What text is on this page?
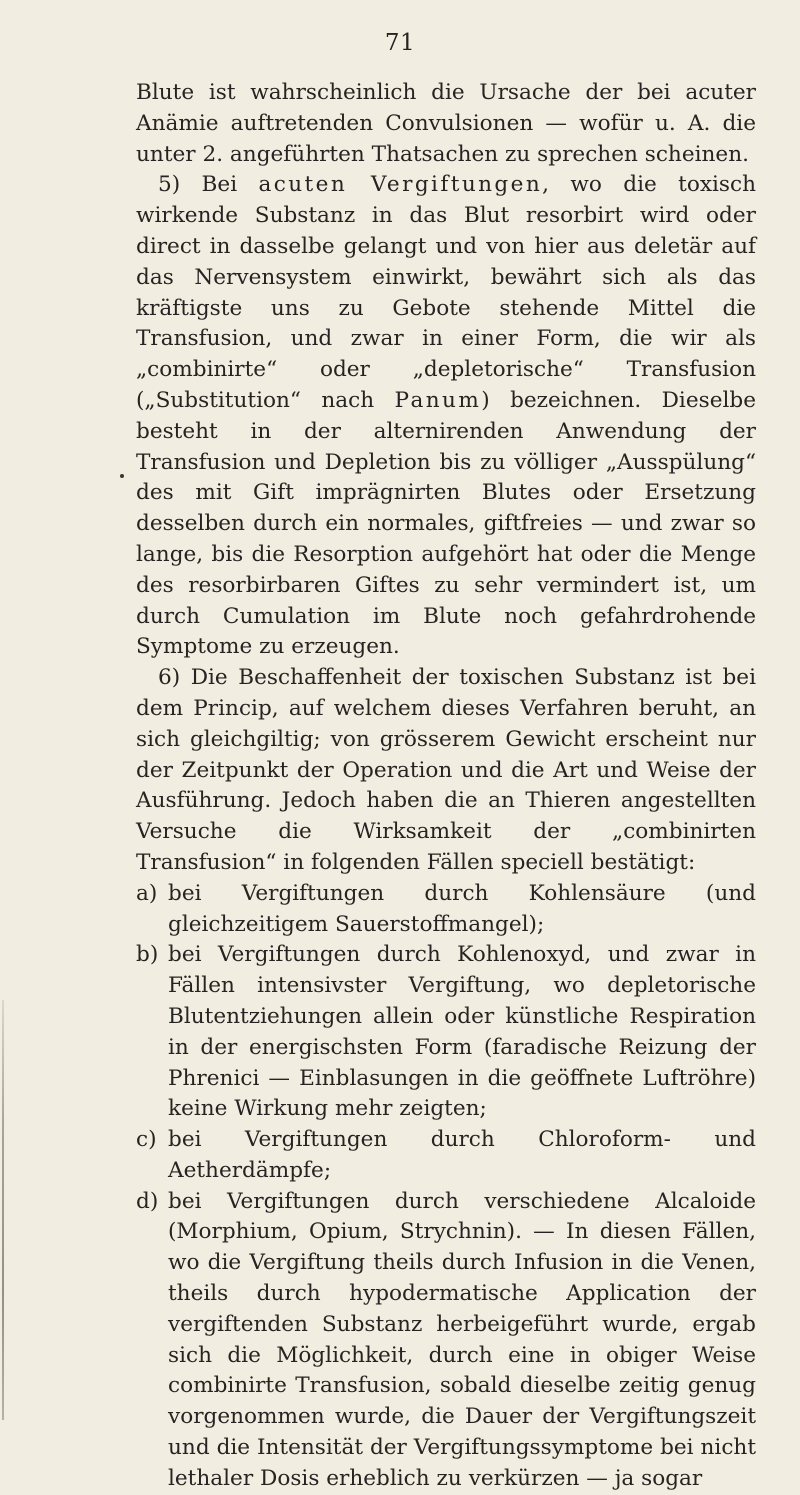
71

Blute ist wahrscheinlich die Ursache der bei acuter Anämie auftretenden Convulsionen — wofür u. A. die unter 2. angeführten Thatsachen zu sprechen scheinen.

5) Bei acuten Vergiftungen, wo die toxisch wirkende Substanz in das Blut resorbirt wird oder direct in dasselbe gelangt und von hier aus deletär auf das Nervensystem einwirkt, bewährt sich als das kräftigste uns zu Gebote stehende Mittel die Transfusion, und zwar in einer Form, die wir als „combinirte“ oder „depletorische“ Transfusion („Substitution“ nach Panum) bezeichnen. Dieselbe besteht in der alternirenden Anwendung der Transfusion und Depletion bis zu völliger „Ausspülung“ des mit Gift imprägnirten Blutes oder Ersetzung desselben durch ein normales, giftfreies — und zwar so lange, bis die Resorption aufgehört hat oder die Menge des resorbirbaren Giftes zu sehr vermindert ist, um durch Cumulation im Blute noch gefahrdrohende Symptome zu erzeugen.

6) Die Beschaffenheit der toxischen Substanz ist bei dem Princip, auf welchem dieses Verfahren beruht, an sich gleichgiltig; von grösserem Gewicht erscheint nur der Zeitpunkt der Operation und die Art und Weise der Ausführung. Jedoch haben die an Thieren angestellten Versuche die Wirksamkeit der „combinirten Transfusion“ in folgenden Fällen speciell bestätigt:

a) bei Vergiftungen durch Kohlensäure (und gleichzeitigem Sauerstoffmangel);

b) bei Vergiftungen durch Kohlenoxyd, und zwar in Fällen intensivster Vergiftung, wo depletorische Blutentziehungen allein oder künstliche Respiration in der energischsten Form (faradische Reizung der Phrenici — Einblasungen in die geöffnete Luftröhre) keine Wirkung mehr zeigten;

c) bei Vergiftungen durch Chloroform- und Aetherdämpfe;

d) bei Vergiftungen durch verschiedene Alcaloide (Morphium, Opium, Strychnin). — In diesen Fällen, wo die Vergiftung theils durch Infusion in die Venen, theils durch hypodermatische Application der vergiftenden Substanz herbeigeführt wurde, ergab sich die Möglichkeit, durch eine in obiger Weise combinirte Transfusion, sobald dieselbe zeitig genug vorgenommen wurde, die Dauer der Vergiftungszeit und die Intensität der Vergiftungssymptome bei nicht lethaler Dosis erheblich zu verkürzen — ja sogar
